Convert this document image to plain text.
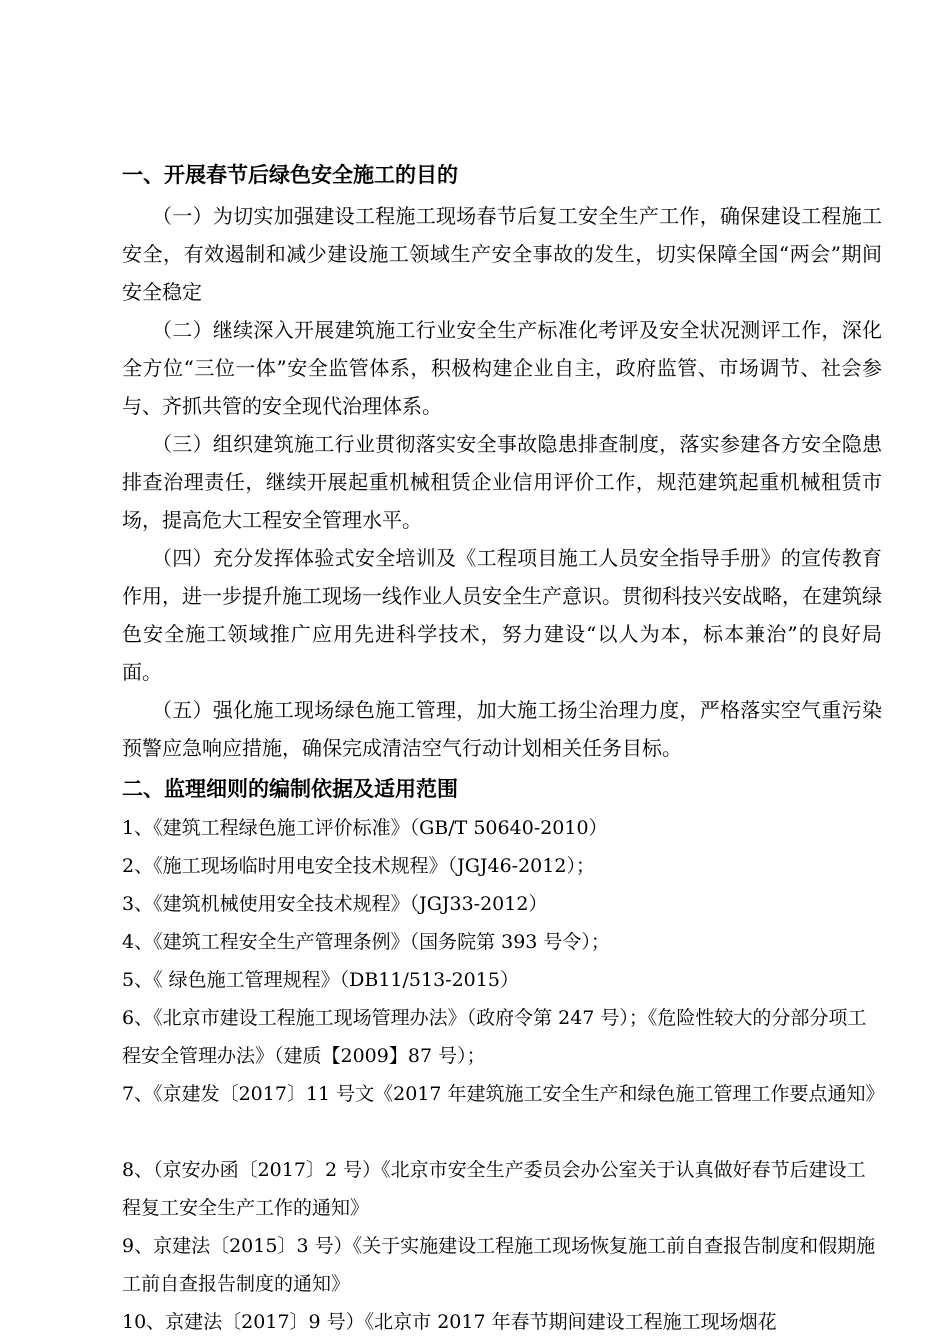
一、开展春节后绿色安全施工的目的

（一）为切实加强建设工程施工现场春节后复工安全生产工作，确保建设工程施工安全，有效遏制和减少建设施工领域生产安全事故的发生，切实保障全国“两会”期间安全稳定

（二）继续深入开展建筑施工行业安全生产标准化考评及安全状况测评工作，深化全方位“三位一体”安全监管体系，积极构建企业自主，政府监管、市场调节、社会参与、齐抓共管的安全现代治理体系。

（三）组织建筑施工行业贯彻落实安全事故隐患排查制度，落实参建各方安全隐患排查治理责任，继续开展起重机械租赁企业信用评价工作，规范建筑起重机械租赁市场，提高危大工程安全管理水平。

（四）充分发挥体验式安全培训及《工程项目施工人员安全指导手册》的宣传教育作用，进一步提升施工现场一线作业人员安全生产意识。贯彻科技兴安战略，在建筑绿色安全施工领域推广应用先进科学技术，努力建设“以人为本，标本兼治”的良好局面。

（五）强化施工现场绿色施工管理，加大施工扬尘治理力度，严格落实空气重污染预警应急响应措施，确保完成清洁空气行动计划相关任务目标。

二、监理细则的编制依据及适用范围

1、《建筑工程绿色施工评价标准》（GB/T 50640-2010）

2、《施工现场临时用电安全技术规程》（JGJ46-2012）；

3、《建筑机械使用安全技术规程》（JGJ33-2012）

4、《建筑工程安全生产管理条例》（国务院第 393 号令）；

5、《 绿色施工管理规程》（DB11/513-2015）

6、《北京市建设工程施工现场管理办法》（政府令第 247 号）；《危险性较大的分部分项工程安全管理办法》（建质【2009】87 号）；

7、《京建发〔2017〕11 号文《2017 年建筑施工安全生产和绿色施工管理工作要点通知》

8、（京安办函〔2017〕2 号）《北京市安全生产委员会办公室关于认真做好春节后建设工程复工安全生产工作的通知》

9、京建法〔2015〕3 号）《关于实施建设工程施工现场恢复施工前自查报告制度和假期施工前自查报告制度的通知》

10、京建法〔2017〕9 号）《北京市 2017 年春节期间建设工程施工现场烟花
